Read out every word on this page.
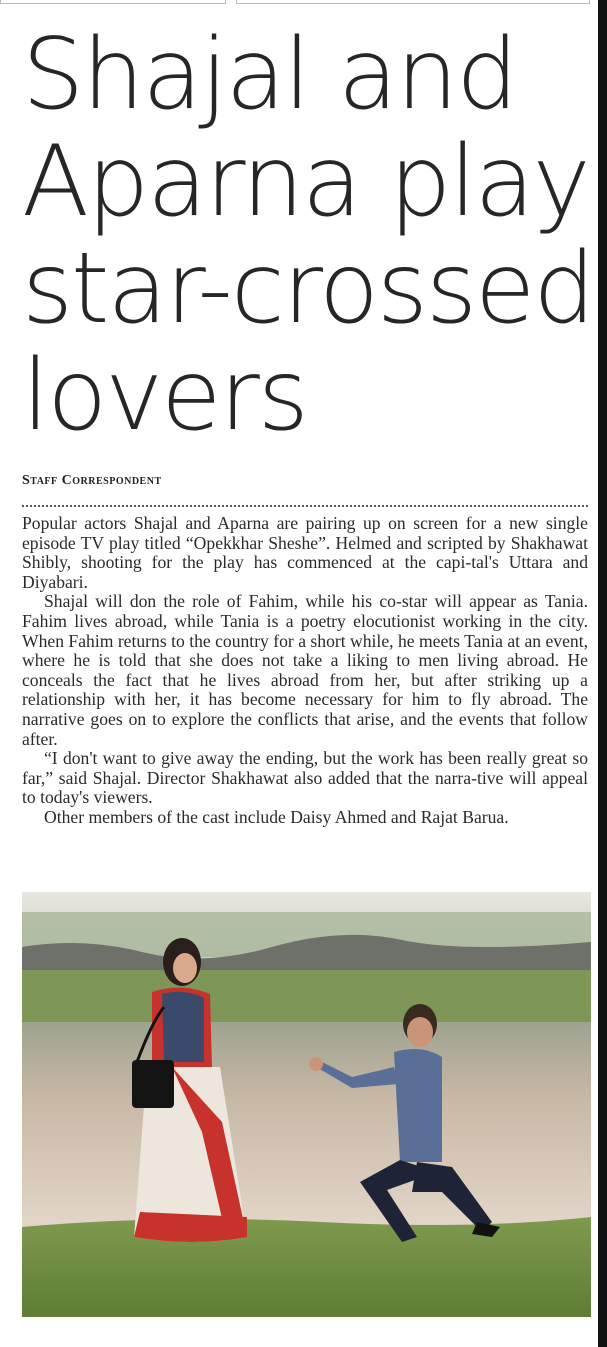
Shajal and
Aparna play
star-crossed
lovers
Staff Correspondent

Popular actors Shajal and Aparna are pairing up on screen for a new single episode TV play titled “Opekkhar Sheshe”. Helmed and scripted by Shakhawat Shibly, shooting for the play has commenced at the capi-tal's Uttara and Diyabari.

Shajal will don the role of Fahim, while his co-star will appear as Tania. Fahim lives abroad, while Tania is a poetry elocutionist working in the city. When Fahim returns to the country for a short while, he meets Tania at an event, where he is told that she does not take a liking to men living abroad. He conceals the fact that he lives abroad from her, but after striking up a relationship with her, it has become necessary for him to fly abroad. The narrative goes on to explore the conflicts that arise, and the events that follow after.

“I don't want to give away the ending, but the work has been really great so far,” said Shajal. Director Shakhawat also added that the narra-tive will appeal to today's viewers.

Other members of the cast include Daisy Ahmed and Rajat Barua.
